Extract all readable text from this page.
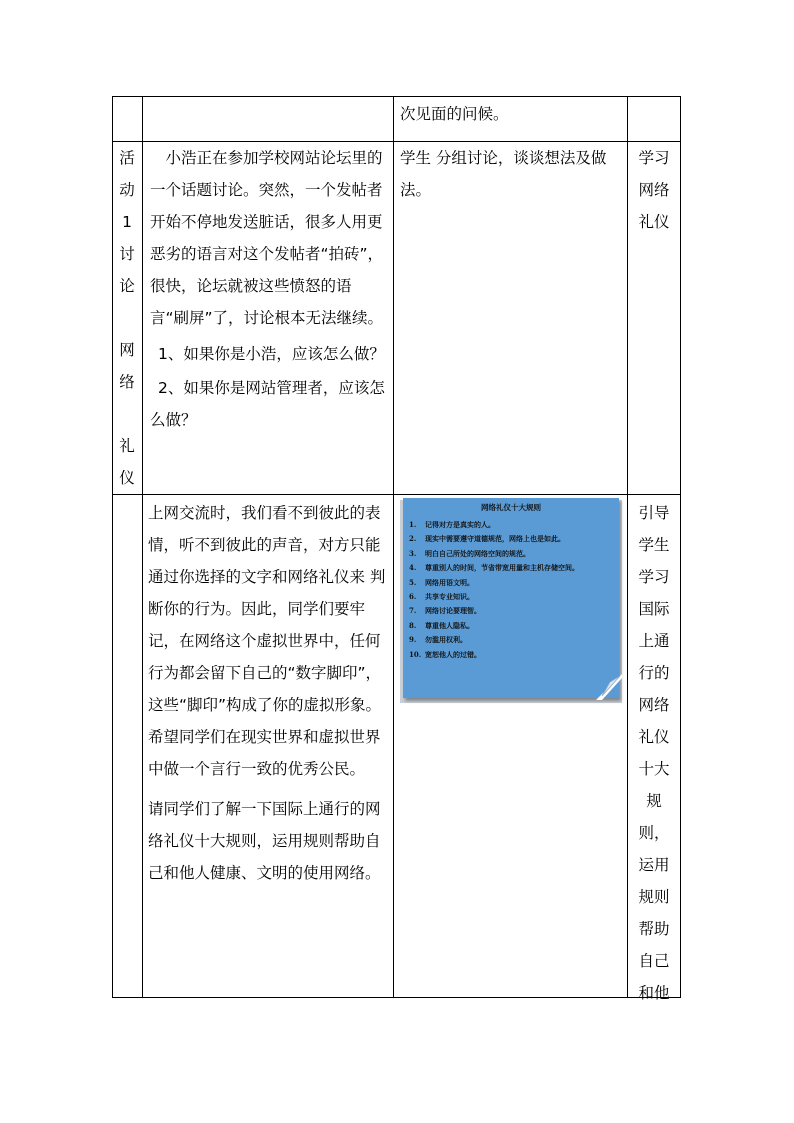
次见面的问候。
活
动
1
讨
论

网
络

礼
仪
小浩正在参加学校网站论坛里的一个话题讨论。突然，一个发帖者开始不停地发送脏话，很多人用更恶劣的语言对这个发帖者“拍砖”，很快，论坛就被这些愤怒的语言“刷屏”了，讨论根本无法继续。
1、如果你是小浩，应该怎么做？
2、如果你是网站管理者，应该怎么做？
学生 分组讨论，谈谈想法及做法。
学习
网络
礼仪
上网交流时，我们看不到彼此的表情，听不到彼此的声音，对方只能通过你选择的文字和网络礼仪来 判断你的行为。因此，同学们要牢记，在网络这个虚拟世界中，任何行为都会留下自己的“数字脚印”，这些“脚印”构成了你的虚拟形象。希望同学们在现实世界和虚拟世界中做一个言行一致的优秀公民。
请同学们了解一下国际上通行的网络礼仪十大规则，运用规则帮助自己和他人健康、文明的使用网络。
网络礼仪十大规则
1. 记得对方是真实的人。
2. 现实中需要遵守道德规范，网络上也是如此。
3. 明白自己所处的网络空间的规范。
4. 尊重别人的时间，节省带宽用量和主机存储空间。
5. 网络用语文明。
6. 共享专业知识。
7. 网络讨论要理智。
8. 尊重他人隐私。
9. 勿滥用权利。
10. 宽恕他人的过错。
引导
学生
学习
国际
上通
行的
网络
礼仪
十大
规
则，
运用
规则
帮助
自己
和他
